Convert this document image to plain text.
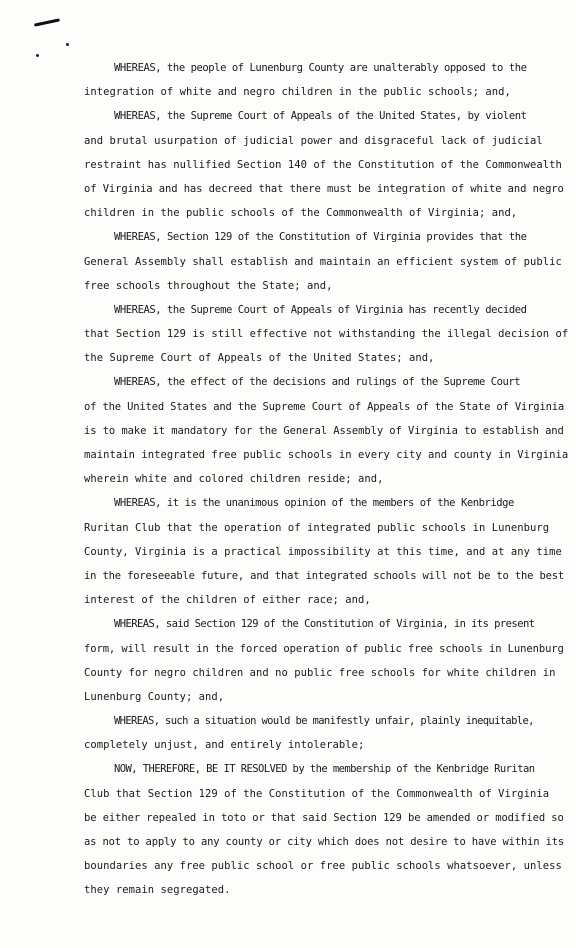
WHEREAS, the people of Lunenburg County are unalterably opposed to the
integration of white and negro children in the public schools; and,
WHEREAS, the Supreme Court of Appeals of the United States, by violent
and brutal usurpation of judicial power and disgraceful lack of judicial
restraint has nullified Section 140 of the Constitution of the Commonwealth
of Virginia and has decreed that there must be integration of white and negro
children in the public schools of the Commonwealth of Virginia; and,
WHEREAS, Section 129 of the Constitution of Virginia provides that the
General Assembly shall establish and maintain an efficient system of public
free schools throughout the State; and,
WHEREAS, the Supreme Court of Appeals of Virginia has recently decided
that Section 129 is still effective not withstanding the illegal decision of
the Supreme Court of Appeals of the United States; and,
WHEREAS, the effect of the decisions and rulings of the Supreme Court
of the United States and the Supreme Court of Appeals of the State of Virginia
is to make it mandatory for the General Assembly of Virginia to establish and
maintain integrated free public schools in every city and county in Virginia
wherein white and colored children reside; and,
WHEREAS, it is the unanimous opinion of the members of the Kenbridge
Ruritan Club that the operation of integrated public schools in Lunenburg
County, Virginia is a practical impossibility at this time, and at any time
in the foreseeable future, and that integrated schools will not be to the best
interest of the children of either race; and,
WHEREAS, said Section 129 of the Constitution of Virginia, in its present
form, will result in the forced operation of public free schools in Lunenburg
County for negro children and no public free schools for white children in
Lunenburg County; and,
WHEREAS, such a situation would be manifestly unfair, plainly inequitable,
completely unjust, and entirely intolerable;
NOW, THEREFORE, BE IT RESOLVED by the membership of the Kenbridge Ruritan
Club that Section 129 of the Constitution of the Commonwealth of Virginia
be either repealed in toto or that said Section 129 be amended or modified so
as not to apply to any county or city which does not desire to have within its
boundaries any free public school or free public schools whatsoever, unless
they remain segregated.
